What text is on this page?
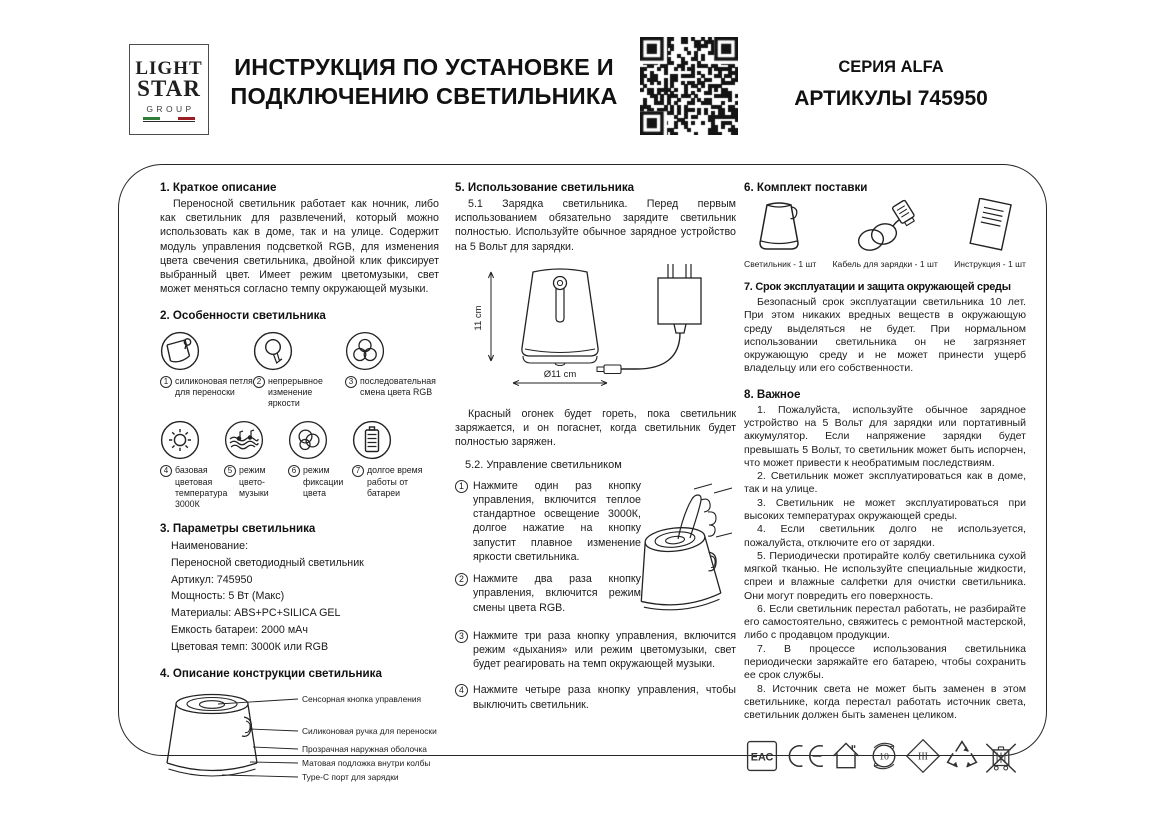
LIGHT
STAR
GROUP
ИНСТРУКЦИЯ ПО УСТАНОВКЕ И
ПОДКЛЮЧЕНИЮ СВЕТИЛЬНИКА
СЕРИЯ ALFA
АРТИКУЛЫ 745950
1. Краткое описание

Переносной светильник работает как ночник, либо как светильник для развлечений, который можно использовать как в доме, так и на улице. Содержит модуль управления подсветкой RGB, для изменения цвета свечения светильника, двойной клик фиксирует выбранный цвет. Имеет режим цветомузыки, свет может меняться согласно темпу окружающей музыки.

2. Особенности светильника
1 силиконовая петля для переноски
2 непрерывное изменение яркости
3 последовательная смена цвета RGB
4 базовая цветовая температура 3000К
5 режим цвето-музыки
6 режим фиксации цвета
7 долгое время работы от батареи
3. Параметры светильника
Наименование:
Переносной светодиодный светильник
Артикул: 745950
Мощность: 5 Вт (Макс)
Материалы: ABS+PC+SILICA GEL
Емкость батареи: 2000 мАч
Цветовая темп: 3000К или RGB
4. Описание конструкции светильника
Сенсорная кнопка управления
Силиконовая ручка для переноски
Прозрачная наружная оболочка
Матовая подложка внутри колбы
Type-C порт для зарядки
5. Использование светильника

5.1 Зарядка светильника. Перед первым использованием обязательно зарядите светильник полностью. Используйте обычное зарядное устройство на 5 Вольт для зарядки.

11 cm
Ø11 cm

Красный огонек будет гореть, пока светильник заряжается, и он погаснет, когда светильник будет полностью заряжен.

5.2. Управление светильником

1 Нажмите один раз кнопку управления, включится теплое стандартное освещение 3000К, долгое нажатие на кнопку запустит плавное изменение яркости светильника.

2 Нажмите два раза кнопку управления, включится режим смены цвета RGB.

3 Нажмите три раза кнопку управления, включится режим «дыхания» или режим цветомузыки, свет будет реагировать на темп окружающей музыки.

4 Нажмите четыре раза кнопку управления, чтобы выключить светильник.

6. Комплект поставки
Светильник - 1 шт Кабель для зарядки - 1 шт Инструкция - 1 шт
7. Срок эксплуатации и защита окружающей среды

Безопасный срок эксплуатации светильника 10 лет. При этом никаких вредных веществ в окружающую среду выделяться не будет. При нормальном использовании светильника он не загрязняет окружающую среду и не может принести ущерб владельцу или его собственности.

8. Важное

1. Пожалуйста, используйте обычное зарядное устройство на 5 Вольт для зарядки или портативный аккумулятор. Если напряжение зарядки будет превышать 5 Вольт, то светильник может быть испорчен, что может привести к необратимым последствиям.

2. Светильник может эксплуатироваться как в доме, так и на улице.

3. Светильник не может эксплуатироваться при высоких температурах окружающей среды.

4. Если светильник долго не используется, пожалуйста, отключите его от зарядки.

5. Периодически протирайте колбу светильника сухой мягкой тканью. Не используйте специальные жидкости, спреи и влажные салфетки для очистки светильника. Они могут повредить его поверхность.

6. Если светильник перестал работать, не разбирайте его самостоятельно, свяжитесь с ремонтной мастерской, либо с продавцом продукции.

7. В процессе использования светильника периодически заряжайте его батарею, чтобы сохранить ее срок службы.

8. Источник света не может быть заменен в этом светильнике, когда перестал работать источник света, светильник должен быть заменен целиком.

ЕАС	10	III
